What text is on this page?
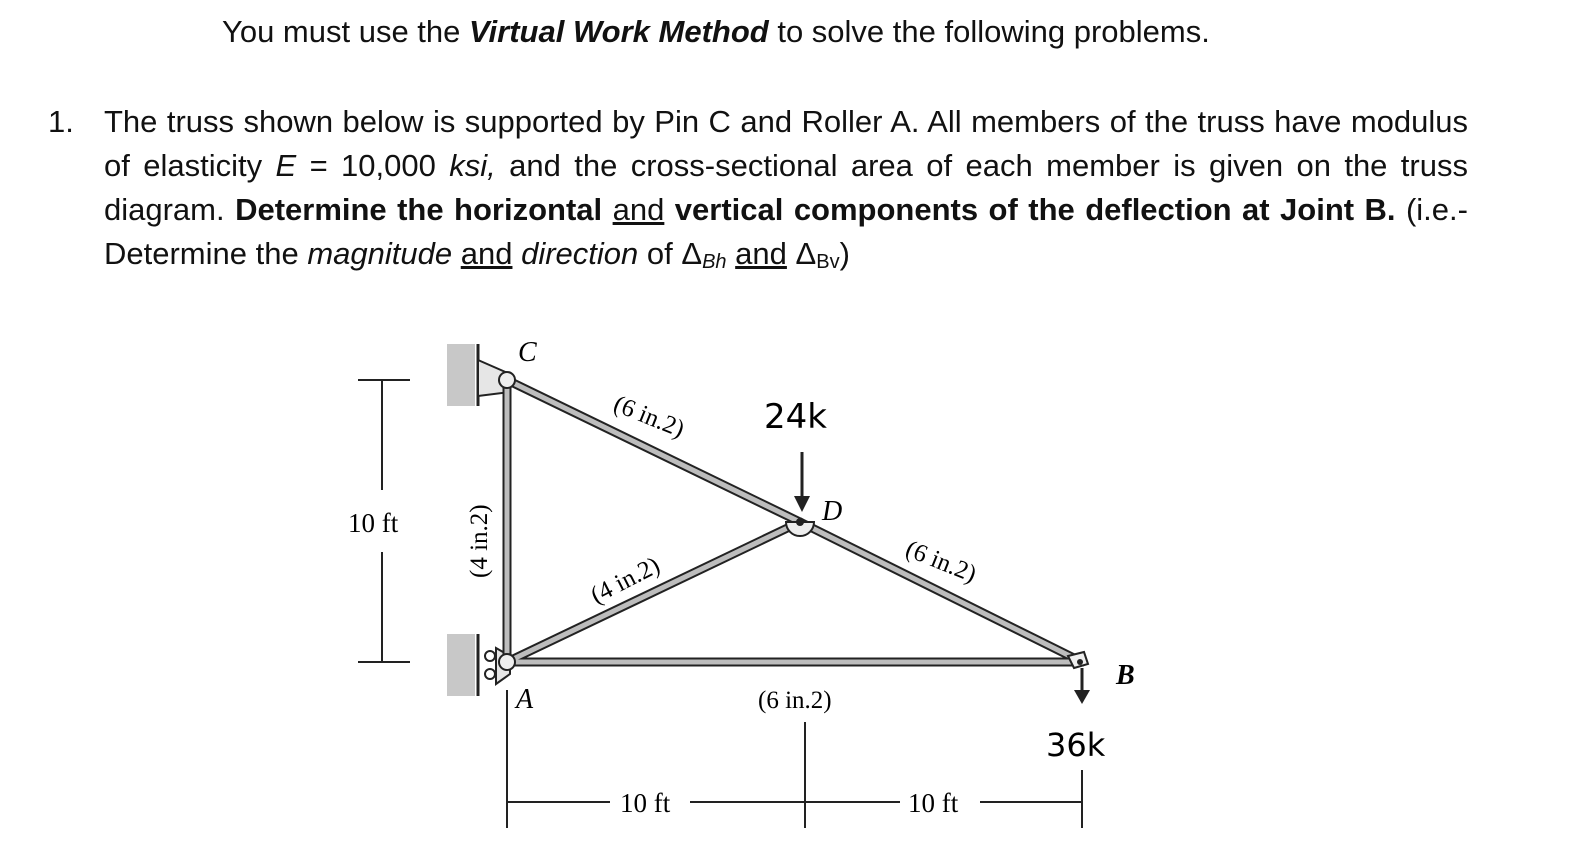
You must use the Virtual Work Method to solve the following problems.
1. The truss shown below is supported by Pin C and Roller A. All members of the truss have modulus of elasticity E = 10,000 ksi, and the cross-sectional area of each member is given on the truss diagram. Determine the horizontal and vertical components of the deflection at Joint B. (i.e.- Determine the magnitude and direction of $\Delta_{Bh}$ and $\Delta_{Bv}$)
C
D
A
B
(6 in.2)
(6 in.2)
(4 in.2)
(4 in.2)
(6 in.2)
24k
36k
10 ft
10 ft	10 ft
